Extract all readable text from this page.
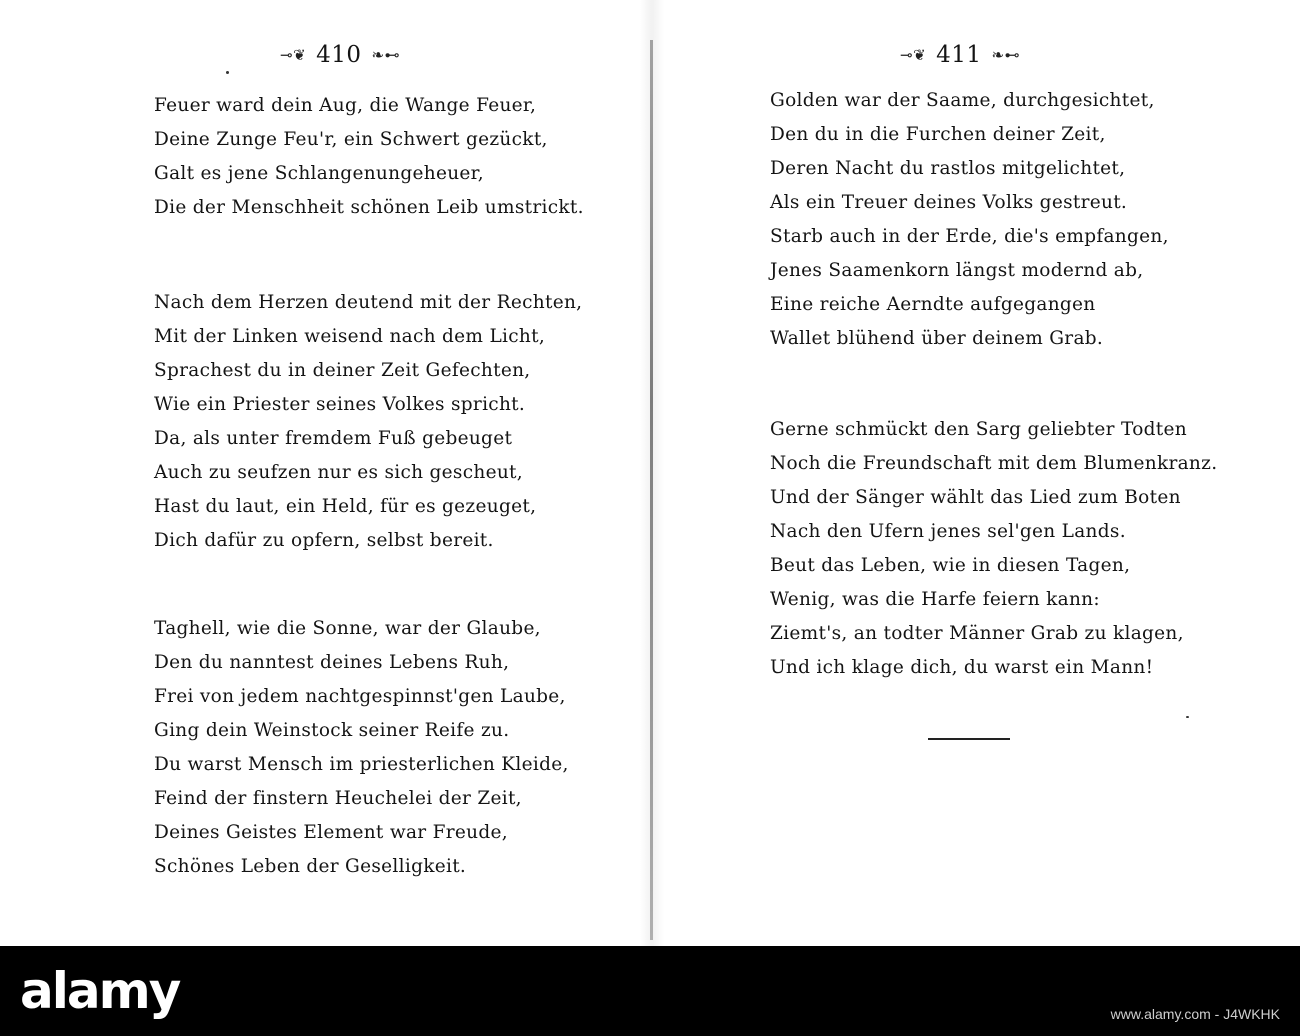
⊸❦ 410 ❧⊷
Feuer ward dein Aug, die Wange Feuer,
Deine Zunge Feu'r, ein Schwert gezückt,
Galt es jene Schlangenungeheuer,
Die der Menschheit schönen Leib umstrickt.
Nach dem Herzen deutend mit der Rechten,
Mit der Linken weisend nach dem Licht,
Sprachest du in deiner Zeit Gefechten,
Wie ein Priester seines Volkes spricht.
Da, als unter fremdem Fuß gebeuget
Auch zu seufzen nur es sich gescheut,
Hast du laut, ein Held, für es gezeuget,
Dich dafür zu opfern, selbst bereit.
Taghell, wie die Sonne, war der Glaube,
Den du nanntest deines Lebens Ruh,
Frei von jedem nachtgespinnst'gen Laube,
Ging dein Weinstock seiner Reife zu.
Du warst Mensch im priesterlichen Kleide,
Feind der finstern Heuchelei der Zeit,
Deines Geistes Element war Freude,
Schönes Leben der Geselligkeit.
⊸❦ 411 ❧⊷
Golden war der Saame, durchgesichtet,
Den du in die Furchen deiner Zeit,
Deren Nacht du rastlos mitgelichtet,
Als ein Treuer deines Volks gestreut.
Starb auch in der Erde, die's empfangen,
Jenes Saamenkorn längst modernd ab,
Eine reiche Aerndte aufgegangen
Wallet blühend über deinem Grab.
Gerne schmückt den Sarg geliebter Todten
Noch die Freundschaft mit dem Blumenkranz.
Und der Sänger wählt das Lied zum Boten
Nach den Ufern jenes sel'gen Lands.
Beut das Leben, wie in diesen Tagen,
Wenig, was die Harfe feiern kann:
Ziemt's, an todter Männer Grab zu klagen,
Und ich klage dich, du warst ein Mann!
alamy	www.alamy.com - J4WKHK
